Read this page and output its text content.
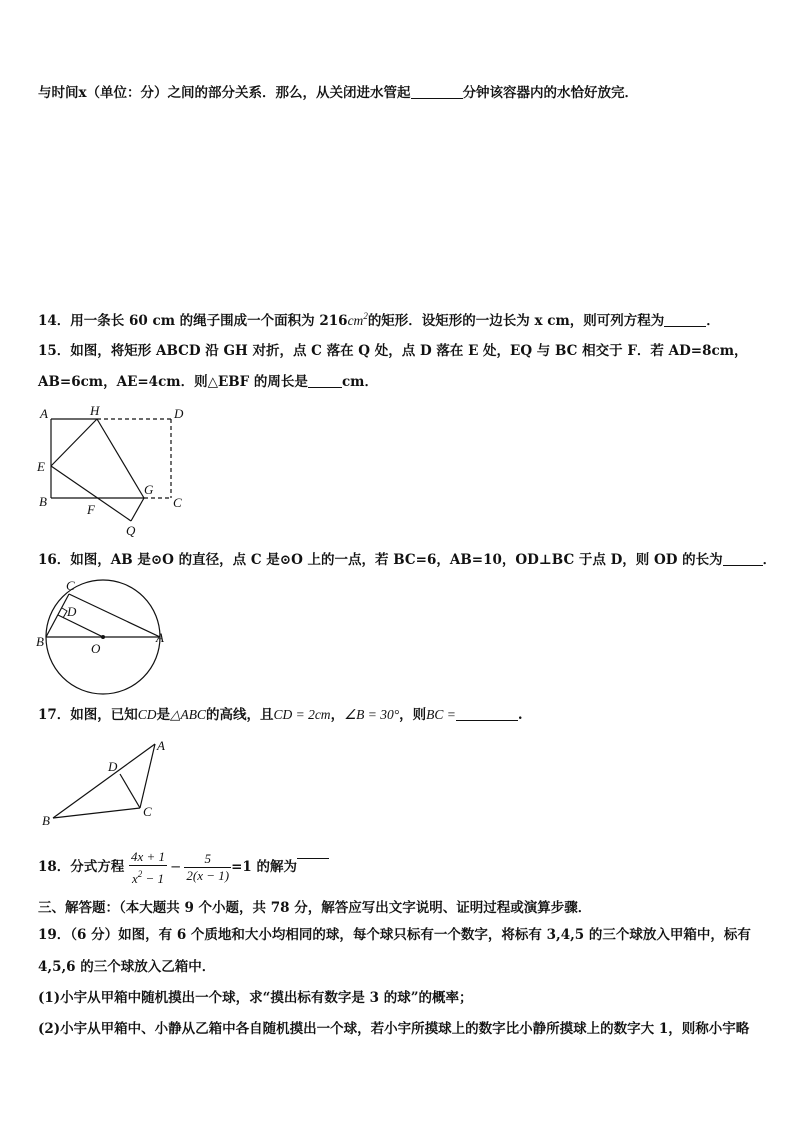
与时间x（单位：分）之间的部分关系．那么，从关闭进水管起	分钟该容器内的水恰好放完．
14．用一条长 60 cm 的绳子围成一个面积为 $216cm^2$的矩形．设矩形的一边长为 x cm，则可列方程为	．
15．如图，将矩形 ABCD 沿 GH 对折，点 C 落在 Q 处，点 D 落在 E 处，EQ 与 BC 相交于 F．若 AD=8cm，
AB=6cm，AE=4cm．则△EBF 的周长是	cm．
A	H	D
E
B
F
G
C
Q
16．如图，AB 是⊙O 的直径，点 C 是⊙O 上的一点，若 BC=6，AB=10，OD⊥BC 于点 D，则 OD 的长为	．
C
D
B	O
A
17．如图，已知CD是△ABC的高线，且CD = 2cm，∠B = 30°，则BC =	.
A
D
C
B
18．分式方程 $\frac{4x + 1}{x^2 - 1} - \frac{5}{2(x - 1)} =1$ 的解为
三、解答题：（本大题共 9 个小题，共 78 分，解答应写出文字说明、证明过程或演算步骤．
19．（6 分）如图，有 6 个质地和大小均相同的球，每个球只标有一个数字，将标有 3,4,5 的三个球放入甲箱中，标有
4,5,6 的三个球放入乙箱中．
(1)小宇从甲箱中随机摸出一个球，求“摸出标有数字是 3 的球”的概率；
(2)小宇从甲箱中、小静从乙箱中各自随机摸出一个球，若小宇所摸球上的数字比小静所摸球上的数字大 1，则称小宇略
